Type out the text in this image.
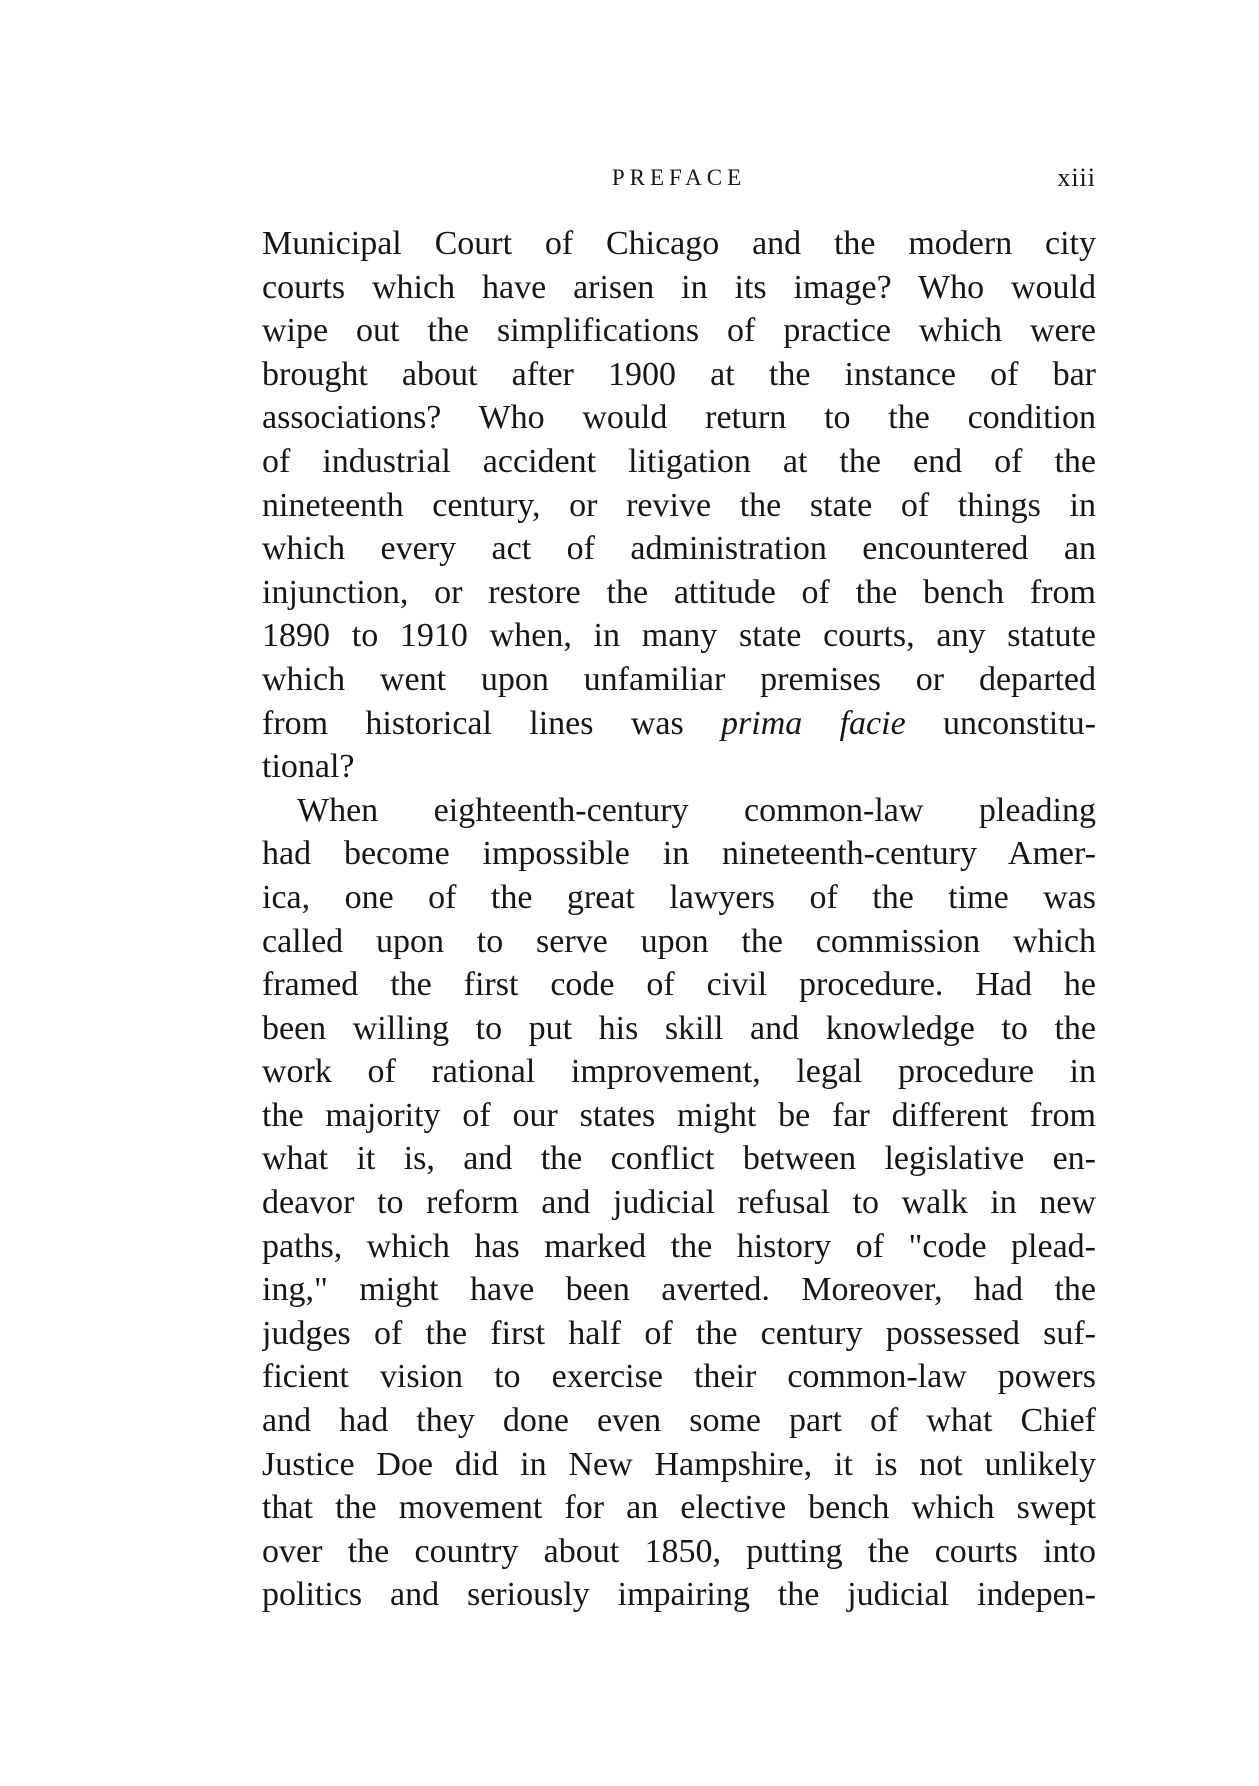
PREFACE	xiii
Municipal Court of Chicago and the modern city
courts which have arisen in its image? Who would
wipe out the simplifications of practice which were
brought about after 1900 at the instance of bar
associations? Who would return to the condition
of industrial accident litigation at the end of the
nineteenth century, or revive the state of things in
which every act of administration encountered an
injunction, or restore the attitude of the bench from
1890 to 1910 when, in many state courts, any statute
which went upon unfamiliar premises or departed
from historical lines was prima facie unconstitu-
tional?
When eighteenth-century common-law pleading
had become impossible in nineteenth-century Amer-
ica, one of the great lawyers of the time was
called upon to serve upon the commission which
framed the first code of civil procedure. Had he
been willing to put his skill and knowledge to the
work of rational improvement, legal procedure in
the majority of our states might be far different from
what it is, and the conflict between legislative en-
deavor to reform and judicial refusal to walk in new
paths, which has marked the history of "code plead-
ing," might have been averted. Moreover, had the
judges of the first half of the century possessed suf-
ficient vision to exercise their common-law powers
and had they done even some part of what Chief
Justice Doe did in New Hampshire, it is not unlikely
that the movement for an elective bench which swept
over the country about 1850, putting the courts into
politics and seriously impairing the judicial indepen-
